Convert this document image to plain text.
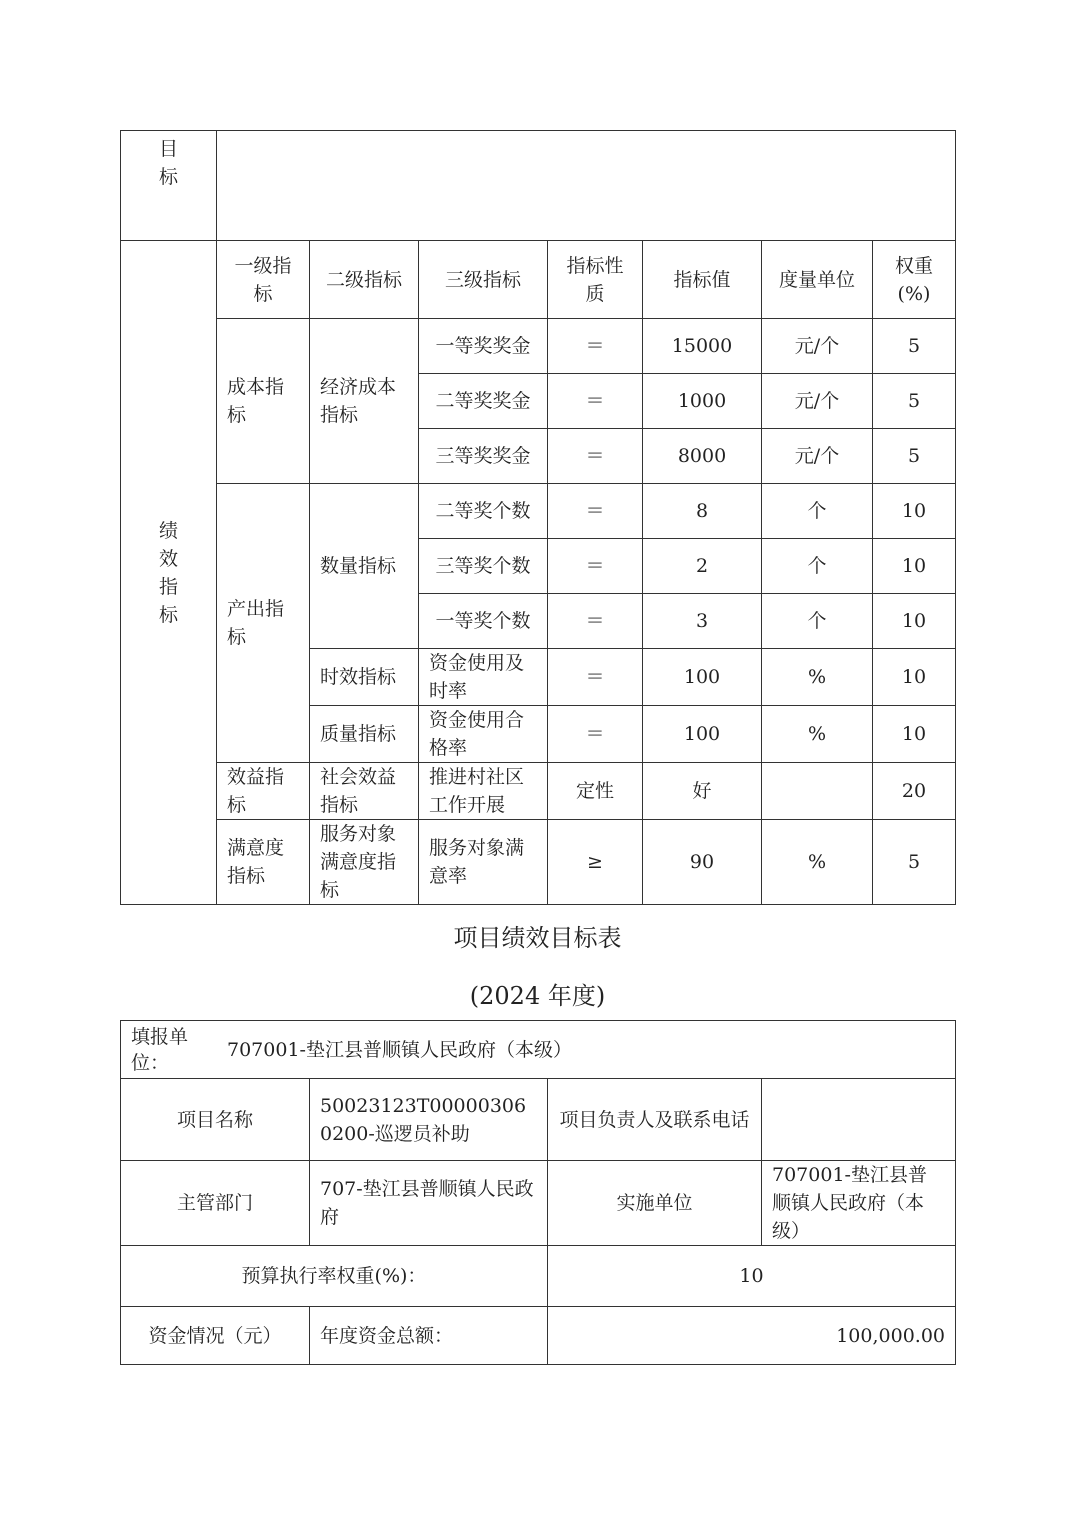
目
标							

绩
效
指
标	一级指标	二级指标	三级指标	指标性质	指标值	度量单位	权重(%)
	成本指标	经济成本指标	一等奖奖金	＝	15000	元/个	5
			二等奖奖金	＝	1000	元/个	5
			三等奖奖金	＝	8000	元/个	5
	产出指标	数量指标	二等奖个数	＝	8	个	10
			三等奖个数	＝	2	个	10
			一等奖个数	＝	3	个	10
		时效指标	资金使用及时率	＝	100	%	10
		质量指标	资金使用合格率	＝	100	%	10
	效益指标	社会效益指标	推进村社区工作开展	定性	好		20
	满意度指标	服务对象满意度指标	服务对象满意率	≥	90	%	5
项目绩效目标表
(2024 年度)
填报单位：
707001-垫江县普顺镇人民政府（本级）			

项目名称	50023123T000003060200-巡逻员补助	项目负责人及联系电话	
主管部门	707-垫江县普顺镇人民政府	实施单位	707001-垫江县普顺镇人民政府（本级）
预算执行率权重(%)：		10	
资金情况（元）	年度资金总额：	100,000.00	
